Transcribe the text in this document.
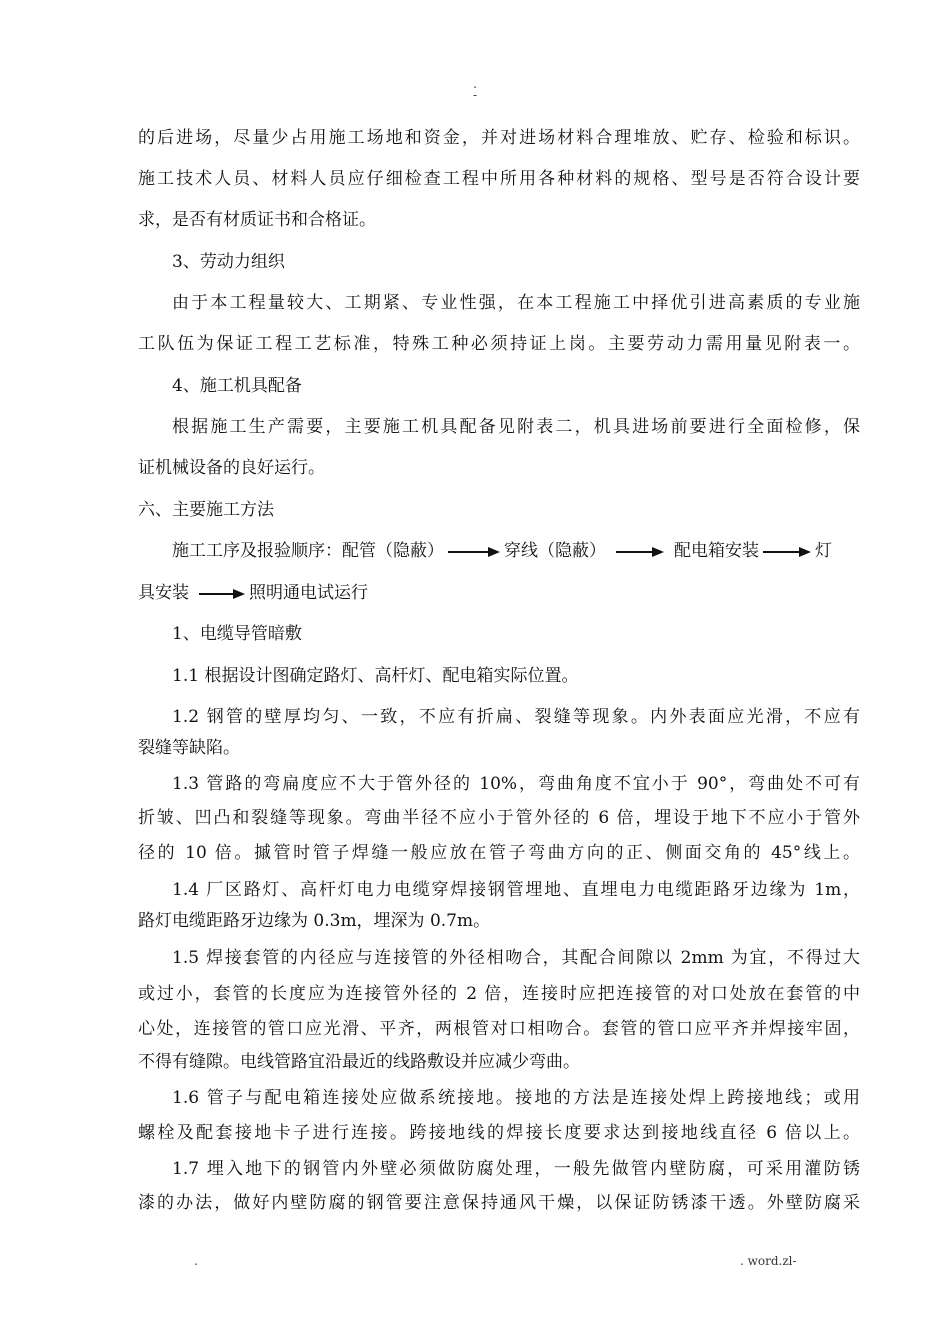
.
-
的后进场，尽量少占用施工场地和资金，并对进场材料合理堆放、贮存、检验和标识。
施工技术人员、材料人员应仔细检查工程中所用各种材料的规格、型号是否符合设计要
求，是否有材质证书和合格证。
3、劳动力组织
由于本工程量较大、工期紧、专业性强，在本工程施工中择优引进高素质的专业施
工队伍为保证工程工艺标准，特殊工种必须持证上岗。主要劳动力需用量见附表一。
4、施工机具配备
根据施工生产需要，主要施工机具配备见附表二，机具进场前要进行全面检修，保
证机械设备的良好运行。
六、主要施工方法
施工工序及报验顺序：配管（隐蔽）	穿线（隐蔽）	配电箱安装	灯
具安装	照明通电试运行
1、电缆导管暗敷
1.1 根据设计图确定路灯、高杆灯、配电箱实际位置。
1.2 钢管的壁厚均匀、一致，不应有折扁、裂缝等现象。内外表面应光滑，不应有
裂缝等缺陷。
1.3 管路的弯扁度应不大于管外径的 10%，弯曲角度不宜小于 90°，弯曲处不可有
折皱、凹凸和裂缝等现象。弯曲半径不应小于管外径的 6 倍，埋设于地下不应小于管外
径的 10 倍。摵管时管子焊缝一般应放在管子弯曲方向的正、侧面交角的 45°线上。
1.4 厂区路灯、高杆灯电力电缆穿焊接钢管埋地、直埋电力电缆距路牙边缘为 1m，
路灯电缆距路牙边缘为 0.3m，埋深为 0.7m。
1.5 焊接套管的内径应与连接管的外径相吻合，其配合间隙以 2mm 为宜，不得过大
或过小，套管的长度应为连接管外径的 2 倍，连接时应把连接管的对口处放在套管的中
心处，连接管的管口应光滑、平齐，两根管对口相吻合。套管的管口应平齐并焊接牢固，
不得有缝隙。电线管路宜沿最近的线路敷设并应减少弯曲。
1.6 管子与配电箱连接处应做系统接地。接地的方法是连接处焊上跨接地线；或用
螺栓及配套接地卡子进行连接。跨接地线的焊接长度要求达到接地线直径 6 倍以上。
1.7 埋入地下的钢管内外壁必须做防腐处理，一般先做管内壁防腐，可采用灌防锈
漆的办法，做好内壁防腐的钢管要注意保持通风干燥，以保证防锈漆干透。外壁防腐采
.	. word.zl-
